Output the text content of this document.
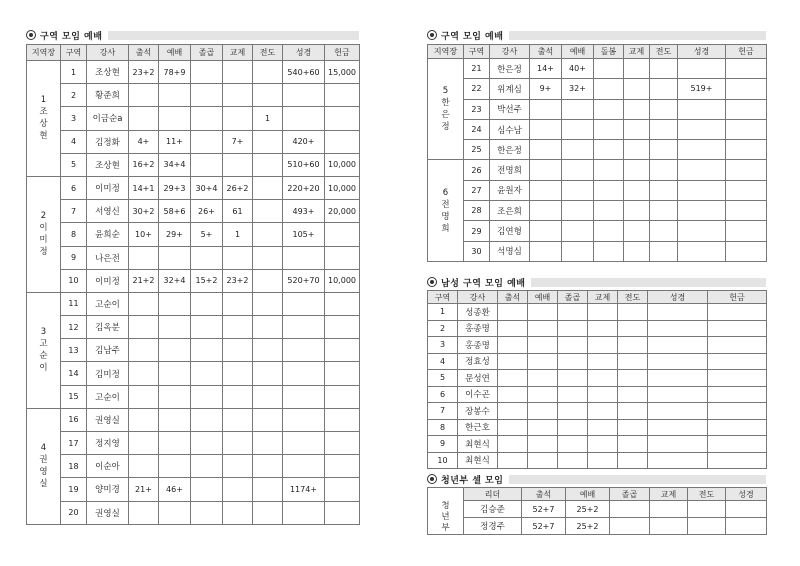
구역 모임 예배
지역장	구역	강사	출석	예배	졸곱	교제	전도	성경	헌금
1
조
상
현	1	조상현	23+2	78+9				540+60	15,000
	2	황준희							
	3	이금순a					1		
	4	김정화	4+	11+		7+		420+	
	5	조상현	16+2	34+4				510+60	10,000
2
이
미
정	6	이미정	14+1	29+3	30+4	26+2		220+20	10,000
	7	서영신	30+2	58+6	26+	61		493+	20,000
	8	윤희순	10+	29+	5+	1		105+	
	9	나은전							
	10	이미정	21+2	32+4	15+2	23+2		520+70	10,000
3
고
순
이	11	고순이							
	12	김옥분							
	13	김남주							
	14	김미정							
	15	고순이							
4
권
영
실	16	권영실							
	17	정지영							
	18	이순아							
	19	양미경	21+	46+				1174+	
	20	권영실							
구역 모임 예배
지역장	구역	강사	출석	예배	돌봄	교제	전도	성경	헌금
5
한
은
정	21	한은정	14+	40+					
	22	위계심	9+	32+				519+	
	23	박선주							
	24	심수남							
	25	한은정							
6
전
명
희	26	전명희							
	27	윤원자							
	28	조은희							
	29	김연형							
	30	석명심							
남성 구역 모임 예배
구역	강사	출석	예배	졸곱	교제	전도	성경	헌금
1	성종환							
2	홍종명							
3	홍종명							
4	정효성							
5	문성연							
6	이수곤							
7	장봉수							
8	한근호							
9	최현식							
10	최현식							
청년부 셀 모임
	리더	출석	예배	졸곱	교제	전도	성경
청
년
부	김승준	52+7	25+2				
	정경주	52+7	25+2				
